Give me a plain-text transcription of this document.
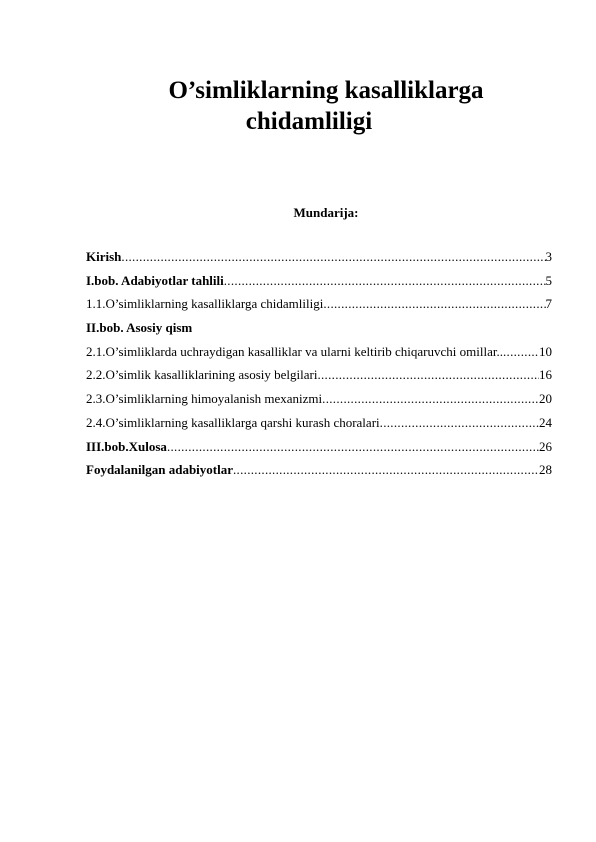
O’simliklarning kasalliklarga
chidamliligi
Mundarija:
Kirish .....	3
I.bob. Adabiyotlar tahlili .....	5
1.1.O’simliklarning kasalliklarga chidamliligi .....	7
II.bob. Asosiy qism
2.1.O’simliklarda uchraydigan kasalliklar va ularni keltirib chiqaruvchi omillar.. .....	10
2.2.O’simlik kasalliklarining asosiy belgilari .....	16
2.3.O’simliklarning himoyalanish mexanizmi .....	20
2.4.O’simliklarning kasalliklarga qarshi kurash choralari .....	24
III.bob.Xulosa .....	26
Foydalanilgan adabiyotlar .....	28
